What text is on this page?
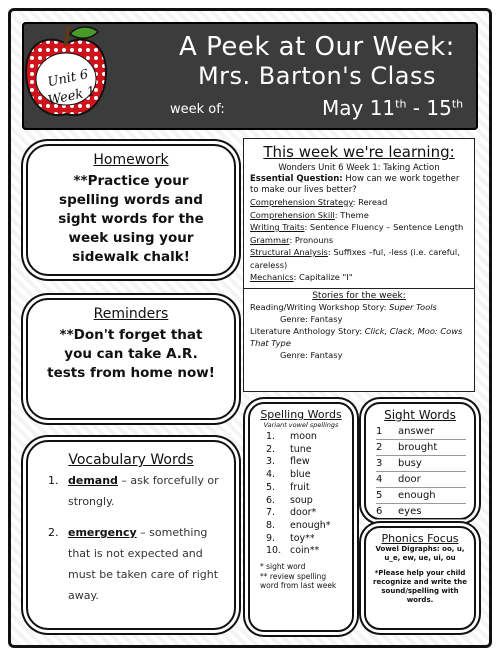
A Peek at Our Week:
Mrs. Barton's Class
week of:	May 11th - 15th
Unit 6
Week 1
Homework
**Practice your spelling words and sight words for the week using your sidewalk chalk!
Reminders
**Don't forget that you can take A.R. tests from home now!
Vocabulary Words
1. demand – ask forcefully or strongly.
2. emergency – something that is not expected and must be taken care of right away.
This week we're learning:
Wonders Unit 6 Week 1: Taking Action
Essential Question: How can we work together to make our lives better?
Comprehension Strategy: Reread
Comprehension Skill: Theme
Writing Traits: Sentence Fluency – Sentence Length
Grammar: Pronouns
Structural Analysis: Suffixes –ful, -less (i.e. careful, careless)
Mechanics: Capitalize "I"
Stories for the week:
Reading/Writing Workshop Story: Super Tools
Genre: Fantasy
Literature Anthology Story: Click, Clack, Moo: Cows That Type
Genre: Fantasy
Spelling Words
Variant vowel spellings
1.	moon
2.	tune
3.	flew
4.	blue
5.	fruit
6.	soup
7.	door*
8.	enough*
9.	toy**
10. coin**
* sight word
** review spelling word from last week
Sight Words
1	answer
2	brought
3	busy
4	door
5	enough
6	eyes
Phonics Focus
Vowel Digraphs: oo, u, u_e, ew, ue, ui, ou
*Please help your child recognize and write the sound/spelling with words.
